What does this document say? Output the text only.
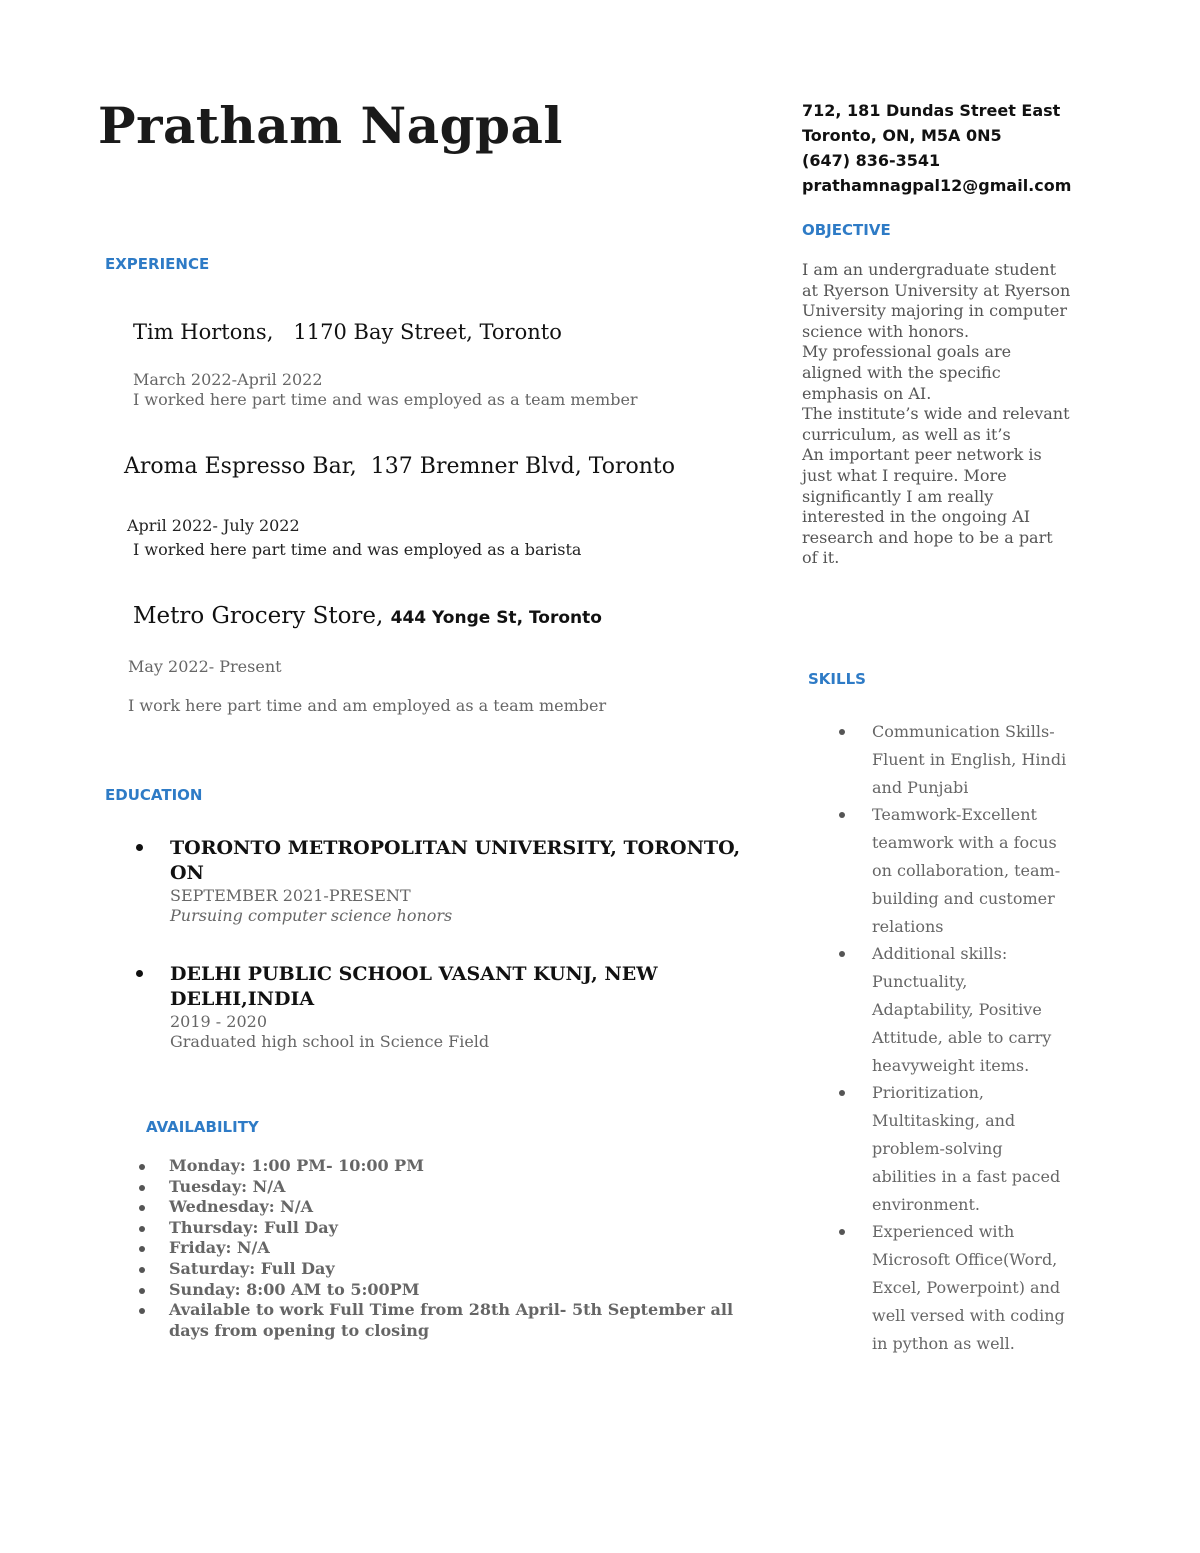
Pratham Nagpal	712, 181 Dundas Street East
Toronto, ON, M5A 0N5
(647) 836-3541
prathamnagpal12@gmail.com
EXPERIENCE
Tim Hortons, 1170 Bay Street, Toronto
March 2022-April 2022
I worked here part time and was employed as a team member
Aroma Espresso Bar, 137 Bremner Blvd, Toronto
April 2022- July 2022
I worked here part time and was employed as a barista
Metro Grocery Store, 444 Yonge St, Toronto
May 2022- Present
I work here part time and am employed as a team member
EDUCATION
TORONTO METROPOLITAN UNIVERSITY, TORONTO, ON
SEPTEMBER 2021-PRESENT
Pursuing computer science honors
DELHI PUBLIC SCHOOL VASANT KUNJ, NEW DELHI,INDIA
2019 - 2020
Graduated high school in Science Field
AVAILABILITY
Monday: 1:00 PM- 10:00 PM
Tuesday: N/A
Wednesday: N/A
Thursday: Full Day
Friday: N/A
Saturday: Full Day
Sunday: 8:00 AM to 5:00PM
Available to work Full Time from 28th April- 5th September all days from opening to closing
OBJECTIVE

I am an undergraduate student at Ryerson University at Ryerson University majoring in computer science with honors.

My professional goals are aligned with the specific emphasis on AI.

The institute’s wide and relevant curriculum, as well as it’s

An important peer network is just what I require. More significantly I am really interested in the ongoing AI research and hope to be a part of it.

SKILLS
Communication Skills- Fluent in English, Hindi and Punjabi
Teamwork-Excellent teamwork with a focus on collaboration, team-building and customer relations
Additional skills: Punctuality, Adaptability, Positive Attitude, able to carry heavyweight items.
Prioritization, Multitasking, and problem-solving abilities in a fast paced environment.
Experienced with Microsoft Office(Word, Excel, Powerpoint) and well versed with coding in python as well.
